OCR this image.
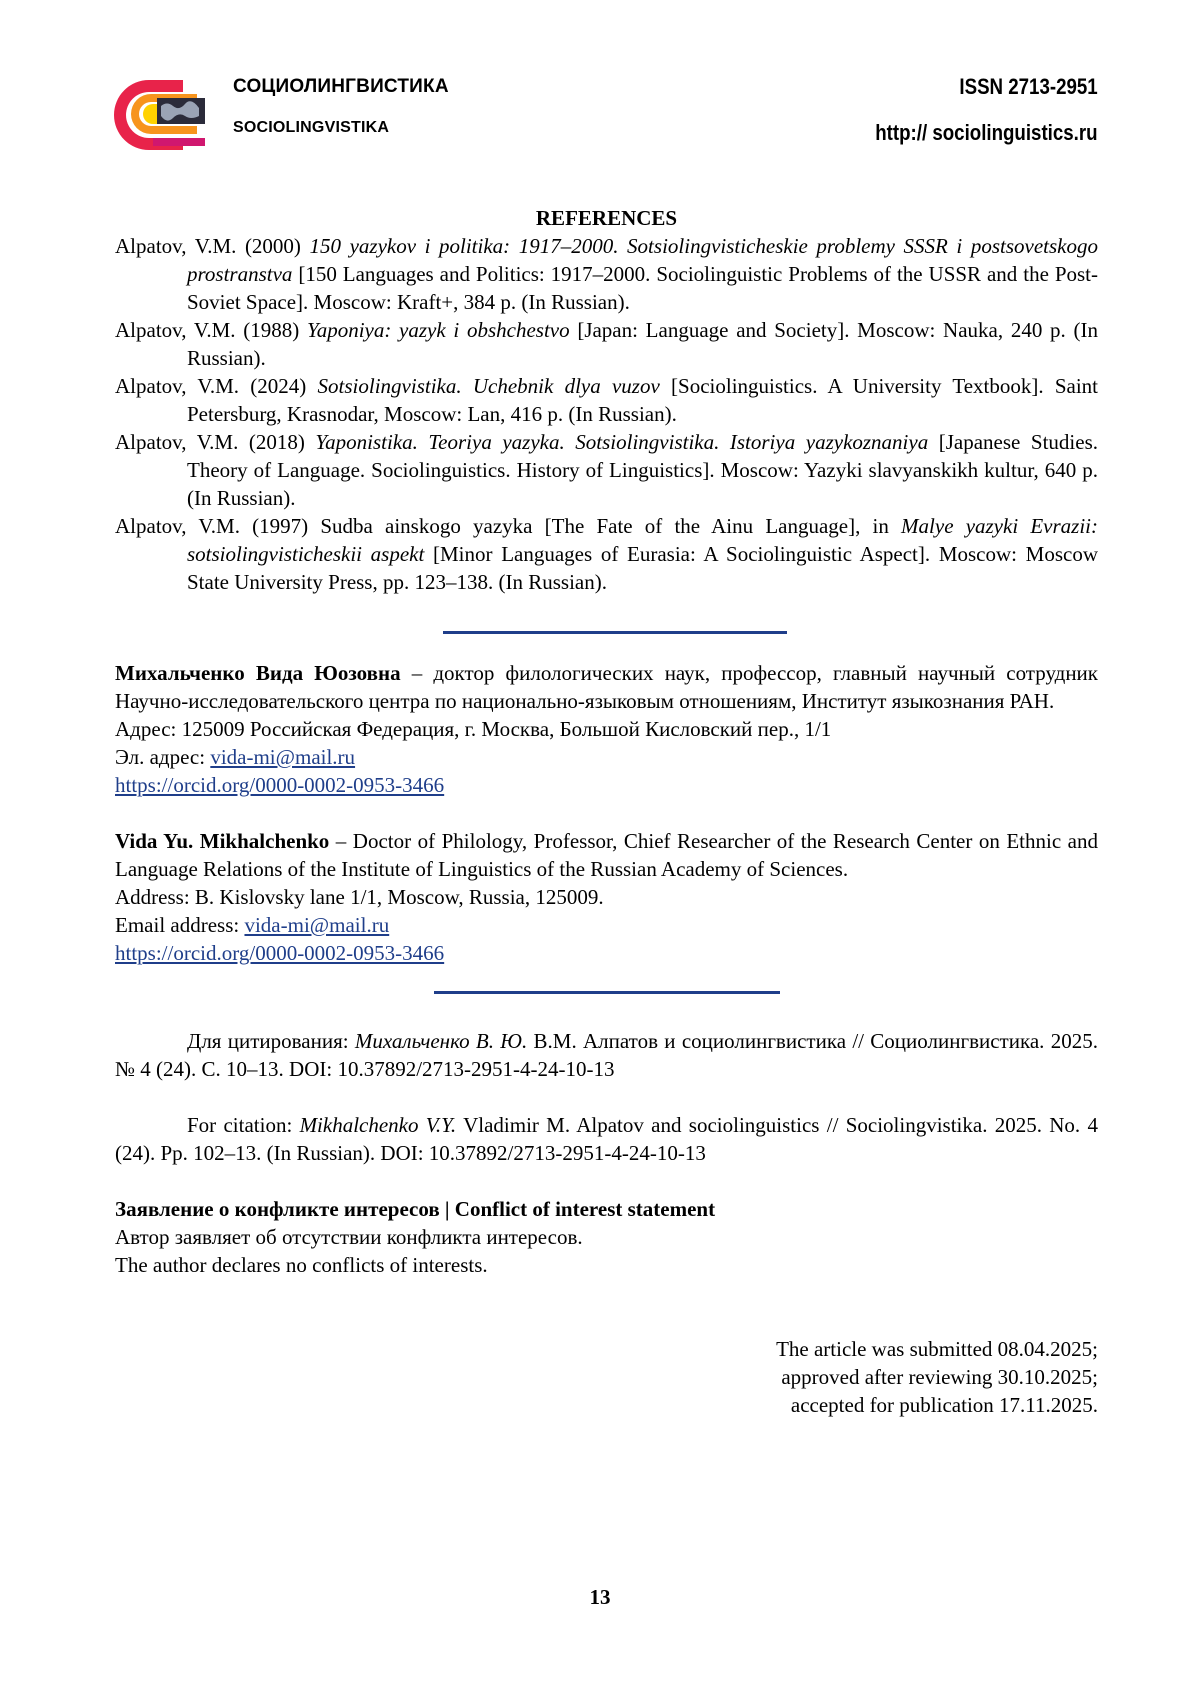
СОЦИОЛИНГВИСТИКА
SOCIOLINGVISTIKA
ISSN 2713-2951
http:// sociolinguistics.ru
REFERENCES

Alpatov, V.M. (2000) 150 yazykov i politika: 1917–2000. Sotsiolingvisticheskie problemy SSSR i postsovetskogo prostranstva [150 Languages and Politics: 1917–2000. Sociolinguistic Problems of the USSR and the Post-Soviet Space]. Moscow: Kraft+, 384 p. (In Russian).

Alpatov, V.M. (1988) Yaponiya: yazyk i obshchestvo [Japan: Language and Society]. Moscow: Nauka, 240 p. (In Russian).

Alpatov, V.M. (2024) Sotsiolingvistika. Uchebnik dlya vuzov [Sociolinguistics. A University Textbook]. Saint Petersburg, Krasnodar, Moscow: Lan, 416 p. (In Russian).

Alpatov, V.M. (2018) Yaponistika. Teoriya yazyka. Sotsiolingvistika. Istoriya yazykoznaniya [Japanese Studies. Theory of Language. Sociolinguistics. History of Linguistics]. Moscow: Yazyki slavyanskikh kultur, 640 p. (In Russian).

Alpatov, V.M. (1997) Sudba ainskogo yazyka [The Fate of the Ainu Language], in Malye yazyki Evrazii: sotsiolingvisticheskii aspekt [Minor Languages of Eurasia: A Sociolinguistic Aspect]. Moscow: Moscow State University Press, pp. 123–138. (In Russian).

Михальченко Вида Юозовна – доктор филологических наук, профессор, главный научный сотрудник Научно-исследовательского центра по национально-языковым отношениям, Институт языкознания РАН.

Адрес: 125009 Российская Федерация, г. Москва, Большой Кисловский пер., 1/1

Эл. адрес: vida-mi@mail.ru

https://orcid.org/0000-0002-0953-3466

Vida Yu. Mikhalchenko – Doctor of Philology, Professor, Chief Researcher of the Research Center on Ethnic and Language Relations of the Institute of Linguistics of the Russian Academy of Sciences.

Address: B. Kislovsky lane 1/1, Moscow, Russia, 125009.

Email address: vida-mi@mail.ru

https://orcid.org/0000-0002-0953-3466

Для цитирования: Михальченко В. Ю. В.М. Алпатов и социолингвистика // Социолингвистика. 2025. № 4 (24). С. 10–13. DOI: 10.37892/2713-2951-4-24-10-13

For citation: Mikhalchenko V.Y. Vladimir M. Alpatov and sociolinguistics // Sociolingvistika. 2025. No. 4 (24). Pp. 102–13. (In Russian). DOI: 10.37892/2713-2951-4-24-10-13

Заявление о конфликте интересов | Conflict of interest statement

Автор заявляет об отсутствии конфликта интересов.

The author declares no conflicts of interests.

The article was submitted 08.04.2025;
approved after reviewing 30.10.2025;
accepted for publication 17.11.2025.
13
